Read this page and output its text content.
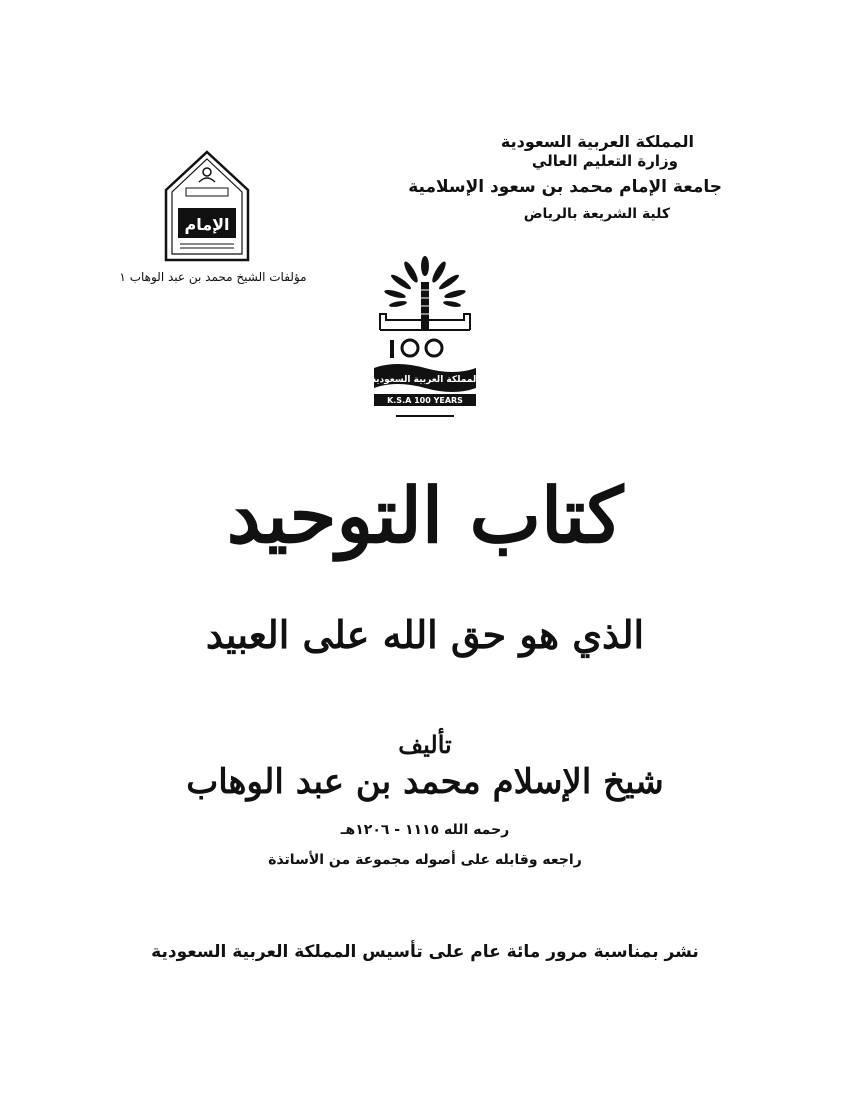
المملكة العربية السعودية
وزارة التعليم العالي
جامعة الإمام محمد بن سعود الإسلامية
كلية الشريعة بالرياض
الإمام
مؤلفات الشيخ محمد بن عبد الوهاب ١
المملكة العربية السعودية
K.S.A 100 YEARS
كتاب التوحيد
الذي هو حق الله على العبيد
تأليف
شيخ الإسلام محمد بن عبد الوهاب
رحمه الله ١١١٥ - ١٢٠٦هـ
راجعه وقابله على أصوله مجموعة من الأساتذة
نشر بمناسبة مرور مائة عام على تأسيس المملكة العربية السعودية
